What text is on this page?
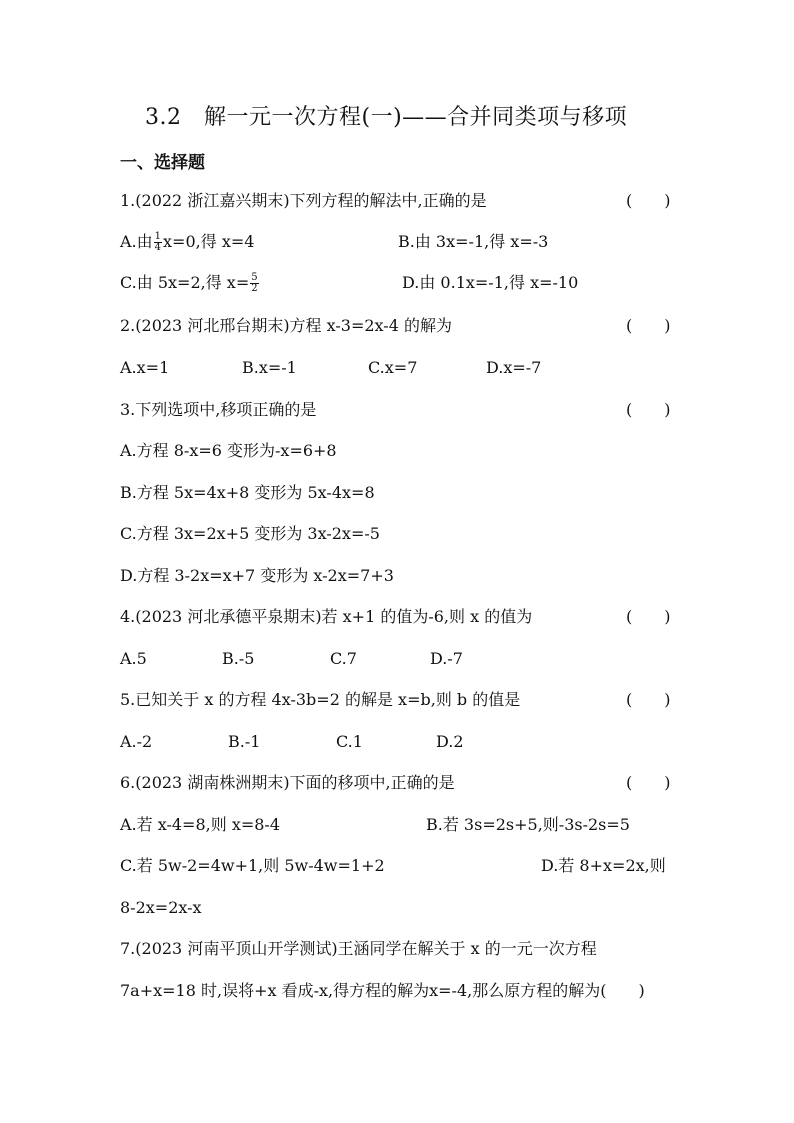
3.2　解一元一次方程(一)——合并同类项与移项
一、选择题
1.(2022 浙江嘉兴期末)下列方程的解法中,正确的是	(　　)
A.由 $\frac{1}{4} x=0$,得 x=4	B.由 3x=-1,得 x=-3
C.由 5x=2,得 $x= \frac{5}{2}$	D.由 0.1x=-1,得 x=-10
2.(2023 河北邢台期末)方程 x-3=2x-4 的解为	(　　)
A.x=1	B.x=-1	C.x=7	D.x=-7
3.下列选项中,移项正确的是	(　　)
A.方程 8-x=6 变形为-x=6+8
B.方程 5x=4x+8 变形为 5x-4x=8
C.方程 3x=2x+5 变形为 3x-2x=-5
D.方程 3-2x=x+7 变形为 x-2x=7+3
4.(2023 河北承德平泉期末)若 x+1 的值为-6,则 x 的值为	(　　)
A.5	B.-5	C.7	D.-7
5.已知关于 x 的方程 4x-3b=2 的解是 x=b,则 b 的值是	(　　)
A.-2	B.-1	C.1	D.2
6.(2023 湖南株洲期末)下面的移项中,正确的是	(　　)
A.若 x-4=8,则 x=8-4	B.若 3s=2s+5,则-3s-2s=5
C.若 5w-2=4w+1,则 5w-4w=1+2	D.若 8+x=2x,则
8-2x=2x-x
7.(2023 河南平顶山开学测试)王涵同学在解关于 x 的一元一次方程
7a+x=18 时,误将+x 看成-x,得方程的解为x=-4,那么原方程的解为(　　)
